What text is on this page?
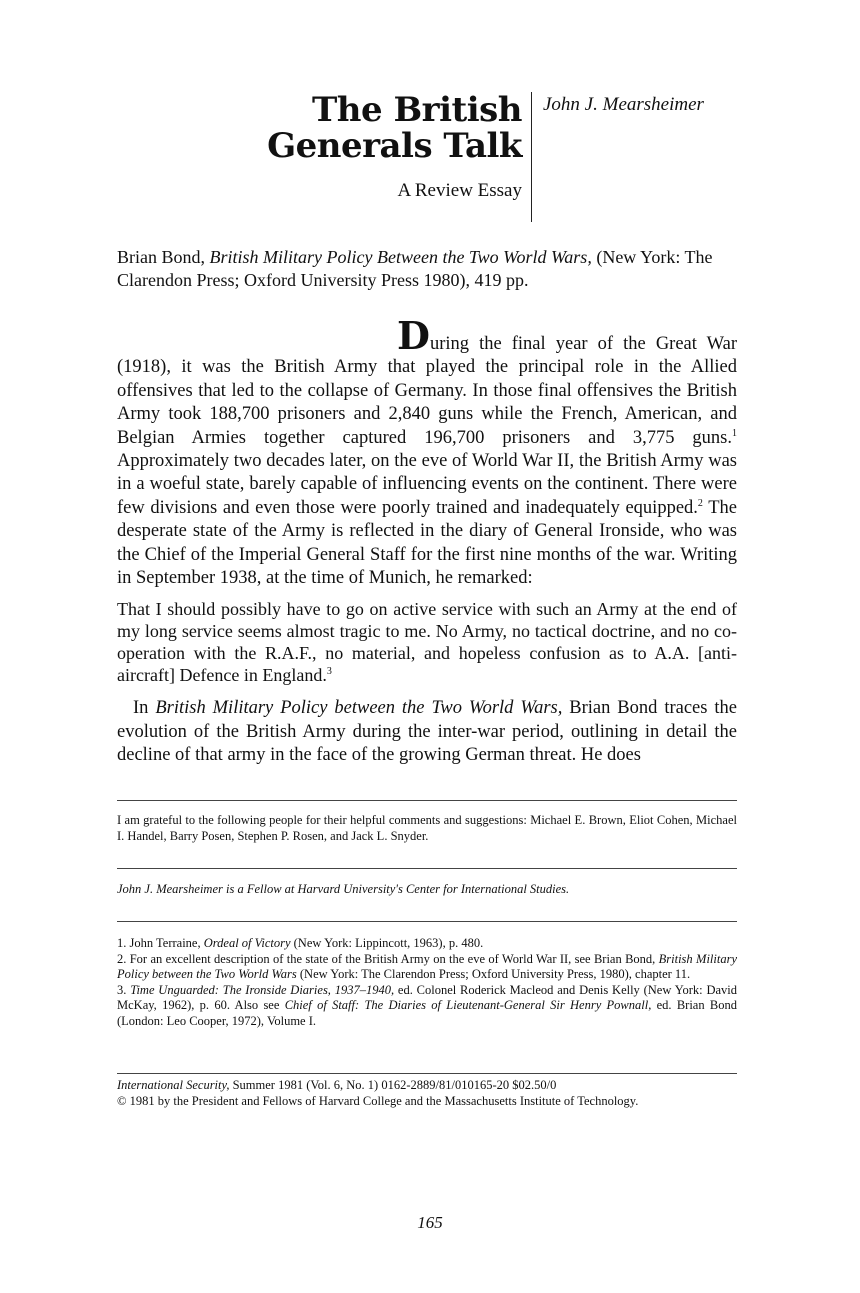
The British
Generals Talk
A Review Essay
John J. Mearsheimer

Brian Bond, British Military Policy Between the Two World Wars, (New York: The Clarendon Press; Oxford University Press 1980), 419 pp.

During the final year of the Great War (1918), it was the British Army that played the principal role in the Allied offensives that led to the collapse of Germany. In those final offensives the British Army took 188,700 prisoners and 2,840 guns while the French, American, and Belgian Armies together captured 196,700 prisoners and 3,775 guns.$^1$ Approximately two decades later, on the eve of World War II, the British Army was in a woeful state, barely capable of influencing events on the continent. There were few divisions and even those were poorly trained and inadequately equipped.$^2$ The desperate state of the Army is reflected in the diary of General Ironside, who was the Chief of the Imperial General Staff for the first nine months of the war. Writing in September 1938, at the time of Munich, he remarked:

That I should possibly have to go on active service with such an Army at the end of my long service seems almost tragic to me. No Army, no tactical doctrine, and no co-operation with the R.A.F., no material, and hopeless confusion as to A.A. [anti-aircraft] Defence in England.$^3$

In British Military Policy between the Two World Wars, Brian Bond traces the evolution of the British Army during the inter-war period, outlining in detail the decline of that army in the face of the growing German threat. He does

I am grateful to the following people for their helpful comments and suggestions: Michael E. Brown, Eliot Cohen, Michael I. Handel, Barry Posen, Stephen P. Rosen, and Jack L. Snyder.

John J. Mearsheimer is a Fellow at Harvard University's Center for International Studies.

1. John Terraine, Ordeal of Victory (New York: Lippincott, 1963), p. 480.

2. For an excellent description of the state of the British Army on the eve of World War II, see Brian Bond, British Military Policy between the Two World Wars (New York: The Clarendon Press; Oxford University Press, 1980), chapter 11.

3. Time Unguarded: The Ironside Diaries, 1937–1940, ed. Colonel Roderick Macleod and Denis Kelly (New York: David McKay, 1962), p. 60. Also see Chief of Staff: The Diaries of Lieutenant-General Sir Henry Pownall, ed. Brian Bond (London: Leo Cooper, 1972), Volume I.

International Security, Summer 1981 (Vol. 6, No. 1) 0162-2889/81/010165-20 $02.50/0

© 1981 by the President and Fellows of Harvard College and the Massachusetts Institute of Technology.

165
